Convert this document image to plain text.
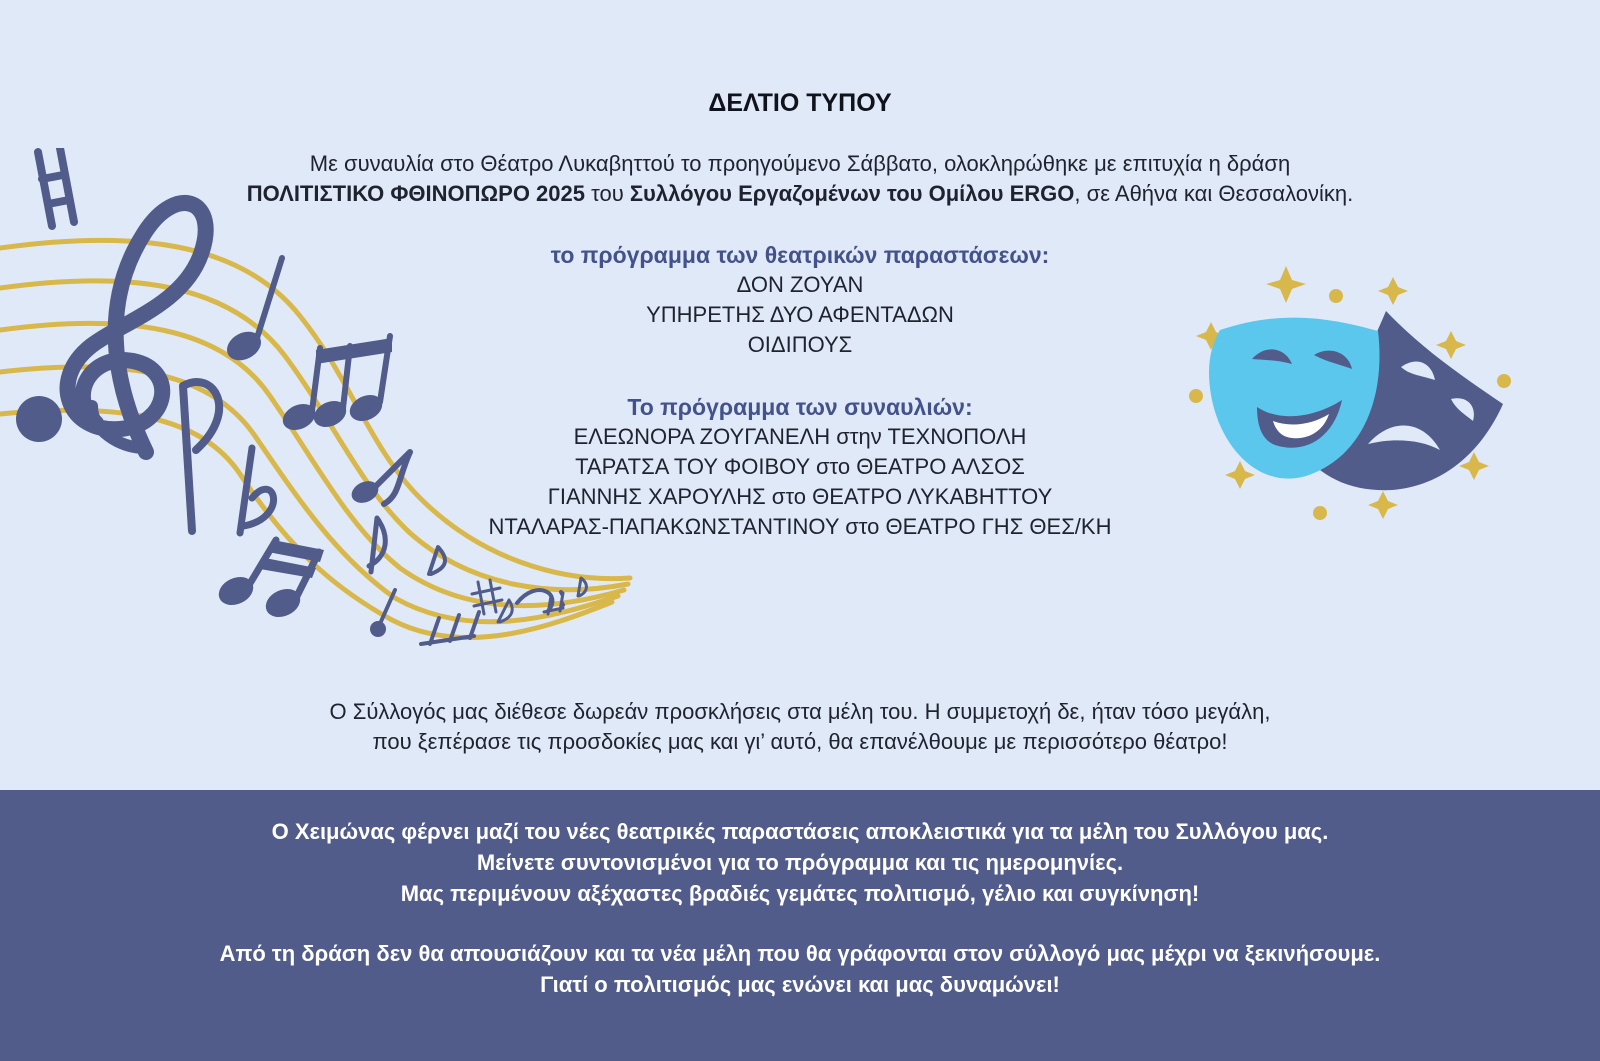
ΔΕΛΤΙΟ ΤΥΠΟΥ

Με συναυλία στο Θέατρο Λυκαβηττού το προηγούμενο Σάββατο, ολοκληρώθηκε με επιτυχία η δράση
ΠΟΛΙΤΙΣΤΙΚΟ ΦΘΙΝΟΠΩΡΟ 2025 του Συλλόγου Εργαζομένων του Ομίλου ERGO, σε Αθήνα και Θεσσαλονίκη.

το πρόγραμμα των θεατρικών παραστάσεων:
ΔΟΝ ΖΟΥΑΝ
ΥΠΗΡΕΤΗΣ ΔΥΟ ΑΦΕΝΤΑΔΩΝ
ΟΙΔΙΠΟΥΣ
Το πρόγραμμα των συναυλιών:
ΕΛΕΩΝΟΡΑ ΖΟΥΓΑΝΕΛΗ στην ΤΕΧΝΟΠΟΛΗ
ΤΑΡΑΤΣΑ ΤΟΥ ΦΟΙΒΟΥ στο ΘΕΑΤΡΟ ΑΛΣΟΣ
ΓΙΑΝΝΗΣ ΧΑΡΟΥΛΗΣ στο ΘΕΑΤΡΟ ΛΥΚΑΒΗΤΤΟΥ
ΝΤΑΛΑΡΑΣ-ΠΑΠΑΚΩΝΣΤΑΝΤΙΝΟΥ στο ΘΕΑΤΡΟ ΓΗΣ ΘΕΣ/ΚΗ

Ο Σύλλογός μας διέθεσε δωρεάν προσκλήσεις στα μέλη του. Η συμμετοχή δε, ήταν τόσο μεγάλη,
που ξεπέρασε τις προσδοκίες μας και γι’ αυτό, θα επανέλθουμε με περισσότερο θέατρο!

Ο Χειμώνας φέρνει μαζί του νέες θεατρικές παραστάσεις αποκλειστικά για τα μέλη του Συλλόγου μας.
Μείνετε συντονισμένοι για το πρόγραμμα και τις ημερομηνίες.
Μας περιμένουν αξέχαστες βραδιές γεμάτες πολιτισμό, γέλιο και συγκίνηση!

Από τη δράση δεν θα απουσιάζουν και τα νέα μέλη που θα γράφονται στον σύλλογό μας μέχρι να ξεκινήσουμε.
Γιατί ο πολιτισμός μας ενώνει και μας δυναμώνει!
